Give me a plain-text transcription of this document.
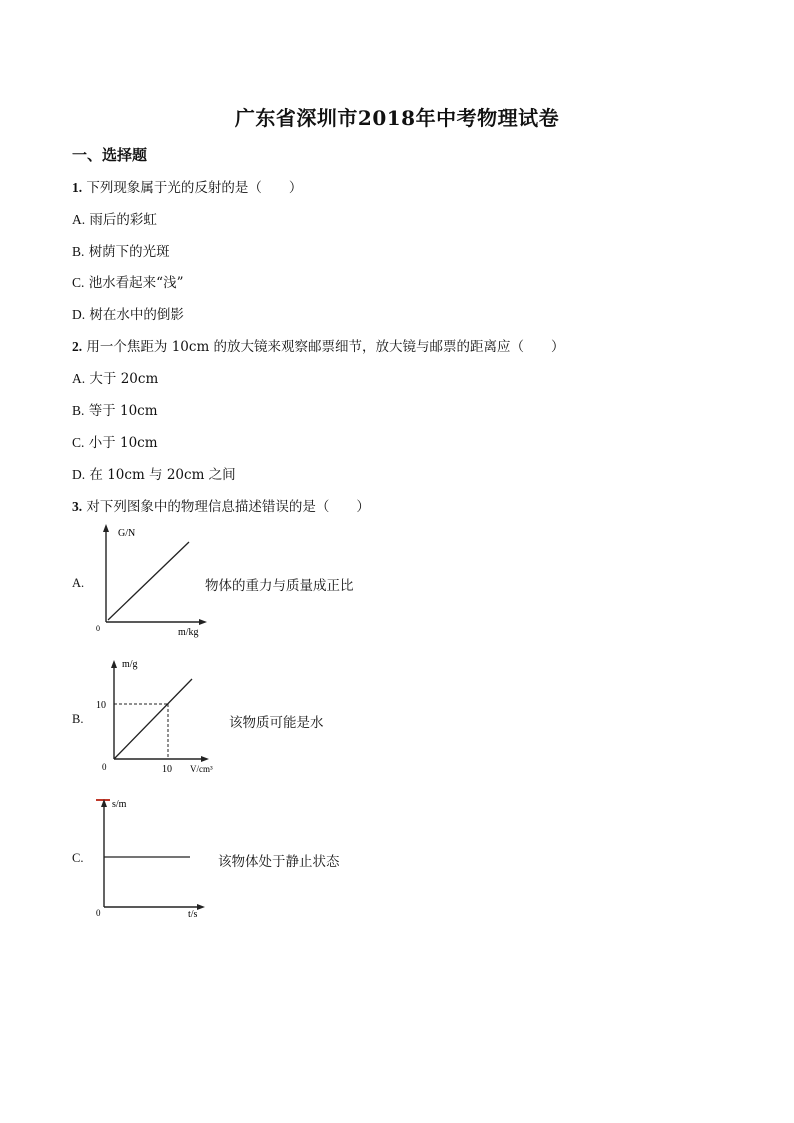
广东省深圳市2018年中考物理试卷
一、选择题
1. 下列现象属于光的反射的是（　　）
A. 雨后的彩虹
B. 树荫下的光斑
C. 池水看起来“浅”
D. 树在水中的倒影
2. 用一个焦距为 10cm 的放大镜来观察邮票细节，放大镜与邮票的距离应（　　）
A. 大于 20cm
B. 等于 10cm
C. 小于 10cm
D. 在 10cm 与 20cm 之间
3. 对下列图象中的物理信息描述错误的是（　　）
A.
G/N
m/kg
0
物体的重力与质量成正比
B.
m/g
10
10 V/cm³
0
该物质可能是水
C.
s/m
t/s
0
该物体处于静止状态
